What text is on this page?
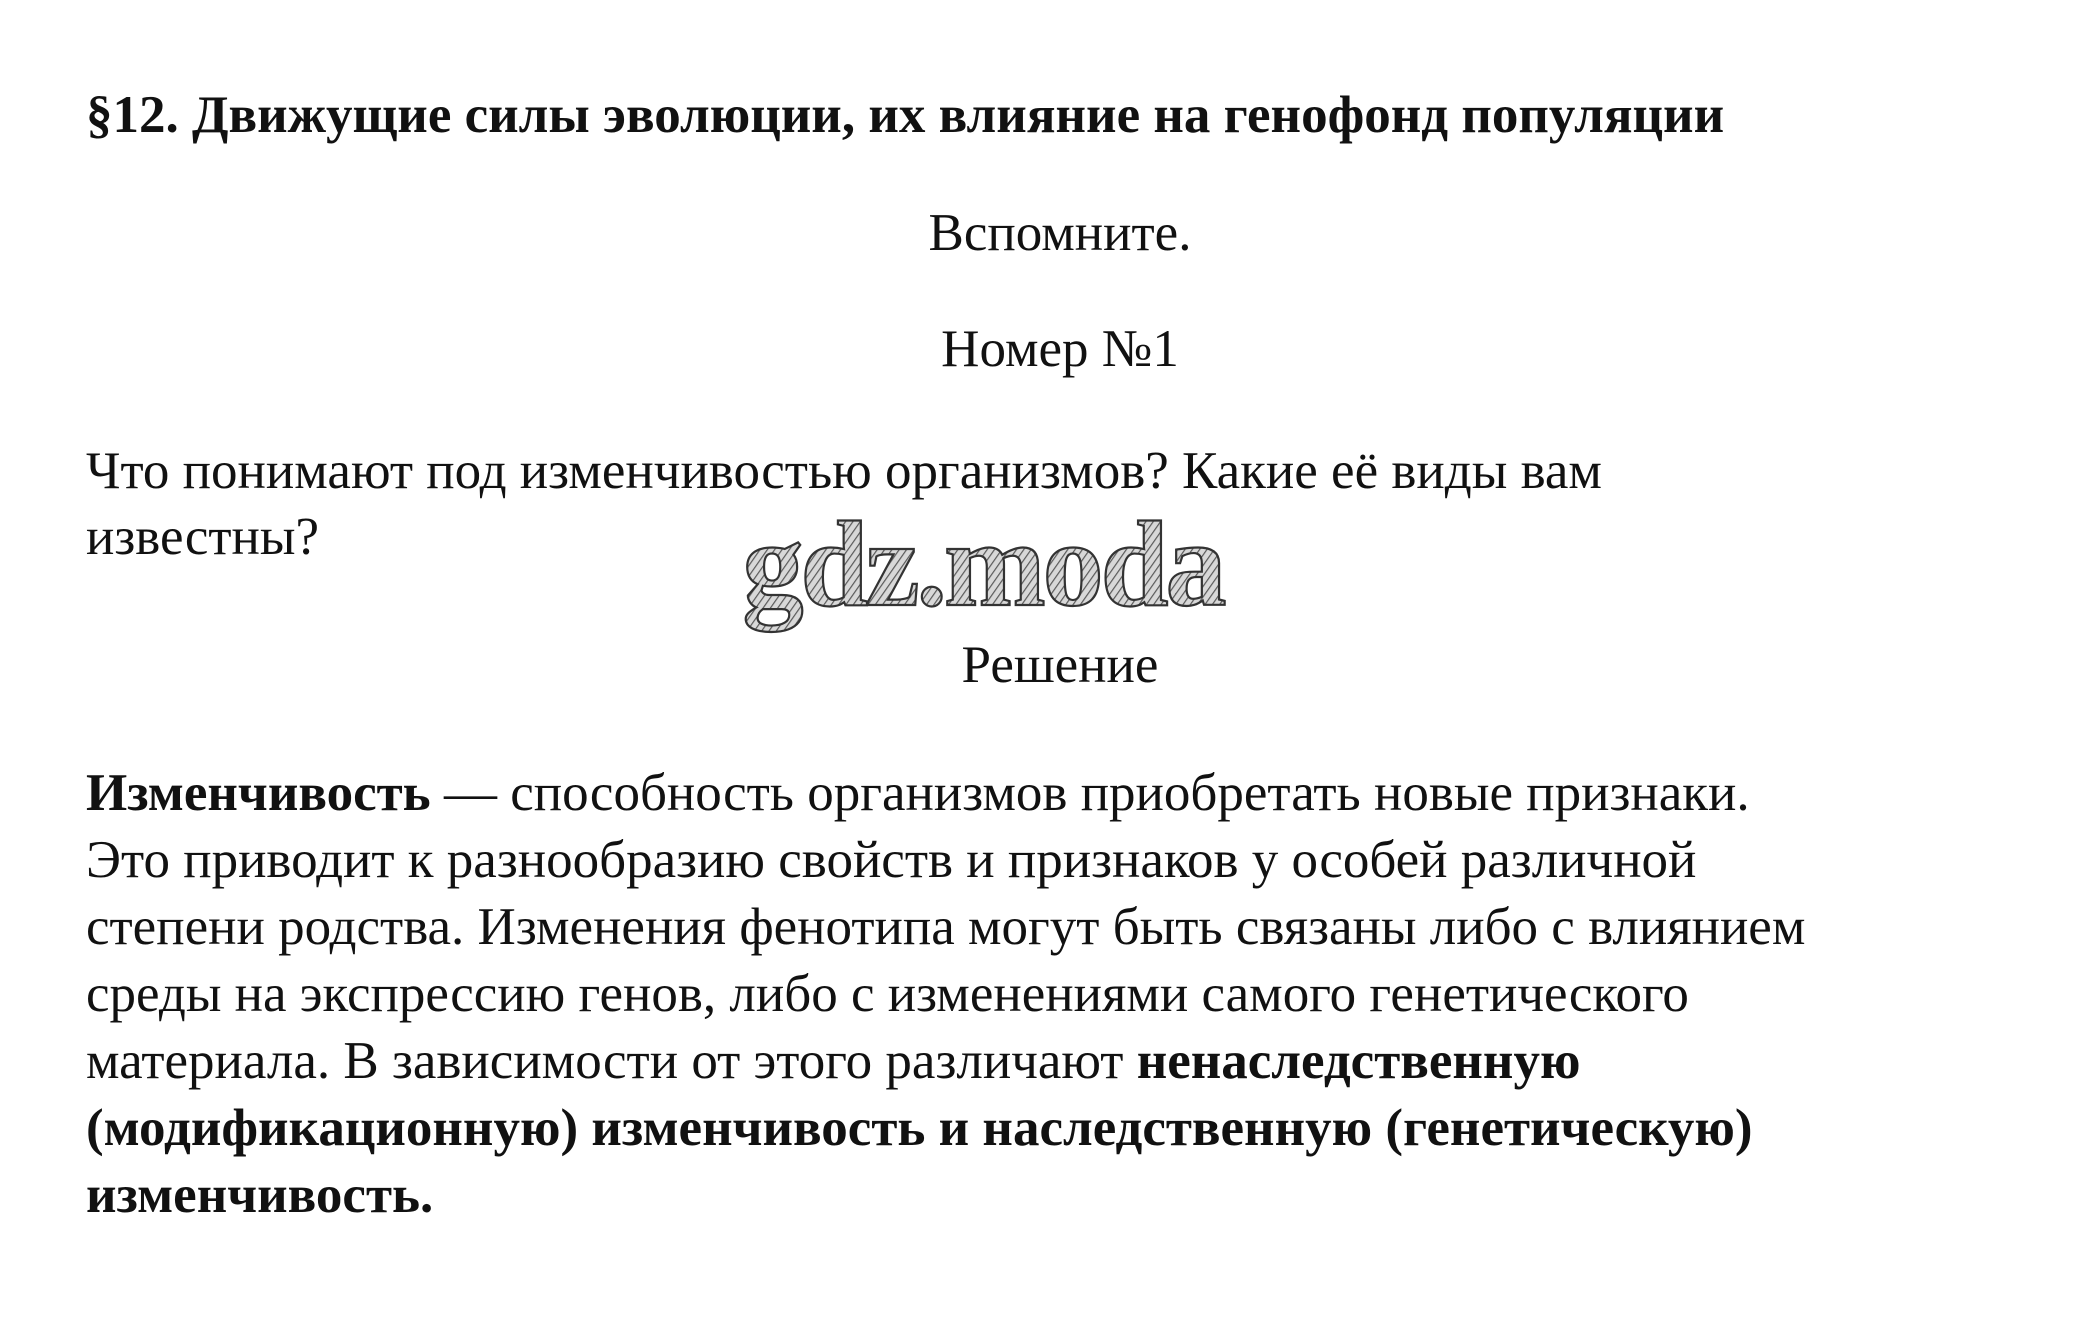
§12. Движущие силы эволюции, их влияние на генофонд популяции
Вспомните.
Номер №1
Что понимают под изменчивостью организмов? Какие её виды вам
известны?	gdz.moda
Решение
Изменчивость — способность организмов приобретать новые признаки.
Это приводит к разнообразию свойств и признаков у особей различной
степени родства. Изменения фенотипа могут быть связаны либо с влиянием
среды на экспрессию генов, либо с изменениями самого генетического
материала. В зависимости от этого различают ненаследственную
(модификационную) изменчивость и наследственную (генетическую)
изменчивость.
